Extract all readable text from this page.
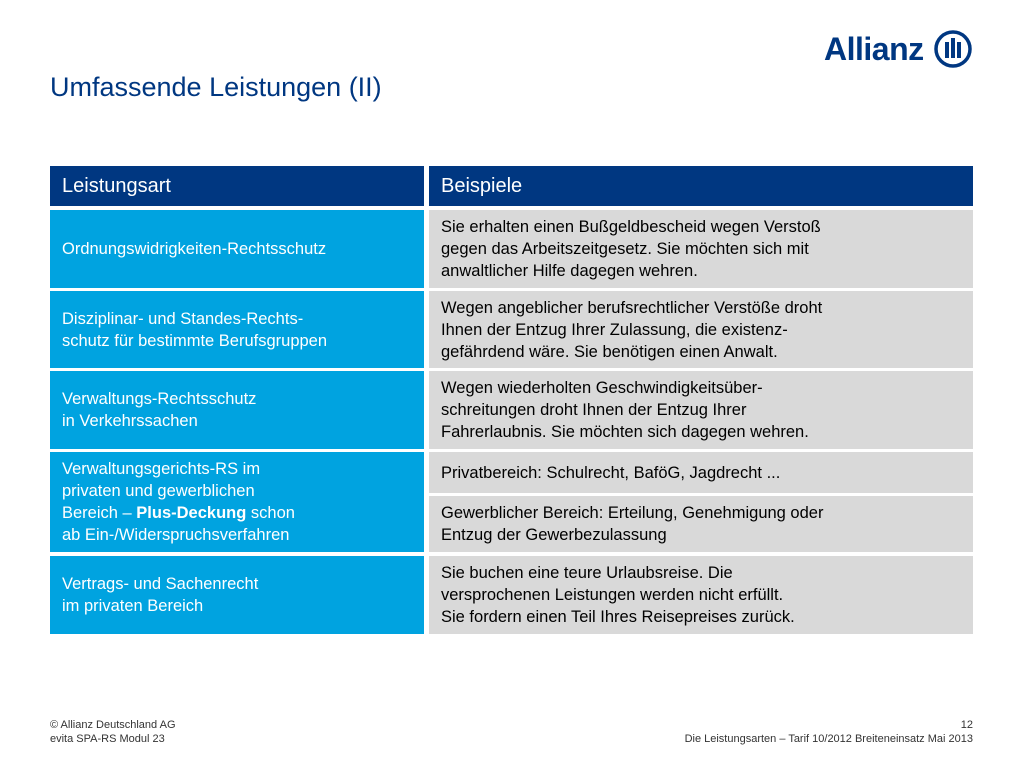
Umfassende Leistungen (II)
Allianz
Leistungsart	Beispiele
Ordnungswidrigkeiten-Rechtsschutz
Sie erhalten einen Bußgeldbescheid wegen Verstoß
gegen das Arbeitszeitgesetz. Sie möchten sich mit
anwaltlicher Hilfe dagegen wehren.
Disziplinar- und Standes-Rechts-
schutz für bestimmte Berufsgruppen
Wegen angeblicher berufsrechtlicher Verstöße droht
Ihnen der Entzug Ihrer Zulassung, die existenz-
gefährdend wäre. Sie benötigen einen Anwalt.
Verwaltungs-Rechtsschutz
in Verkehrssachen
Wegen wiederholten Geschwindigkeitsüber-
schreitungen droht Ihnen der Entzug Ihrer
Fahrerlaubnis. Sie möchten sich dagegen wehren.
Verwaltungsgerichts-RS im
privaten und gewerblichen
Bereich – Plus-Deckung schon
ab Ein-/Widerspruchsverfahren
Privatbereich: Schulrecht, BaföG, Jagdrecht ...
Gewerblicher Bereich: Erteilung, Genehmigung oder
Entzug der Gewerbezulassung
Vertrags- und Sachenrecht
im privaten Bereich
Sie buchen eine teure Urlaubsreise. Die
versprochenen Leistungen werden nicht erfüllt.
Sie fordern einen Teil Ihres Reisepreises zurück.
© Allianz Deutschland AG
evita SPA-RS Modul 23
12
Die Leistungsarten – Tarif 10/2012 Breiteneinsatz Mai 2013
